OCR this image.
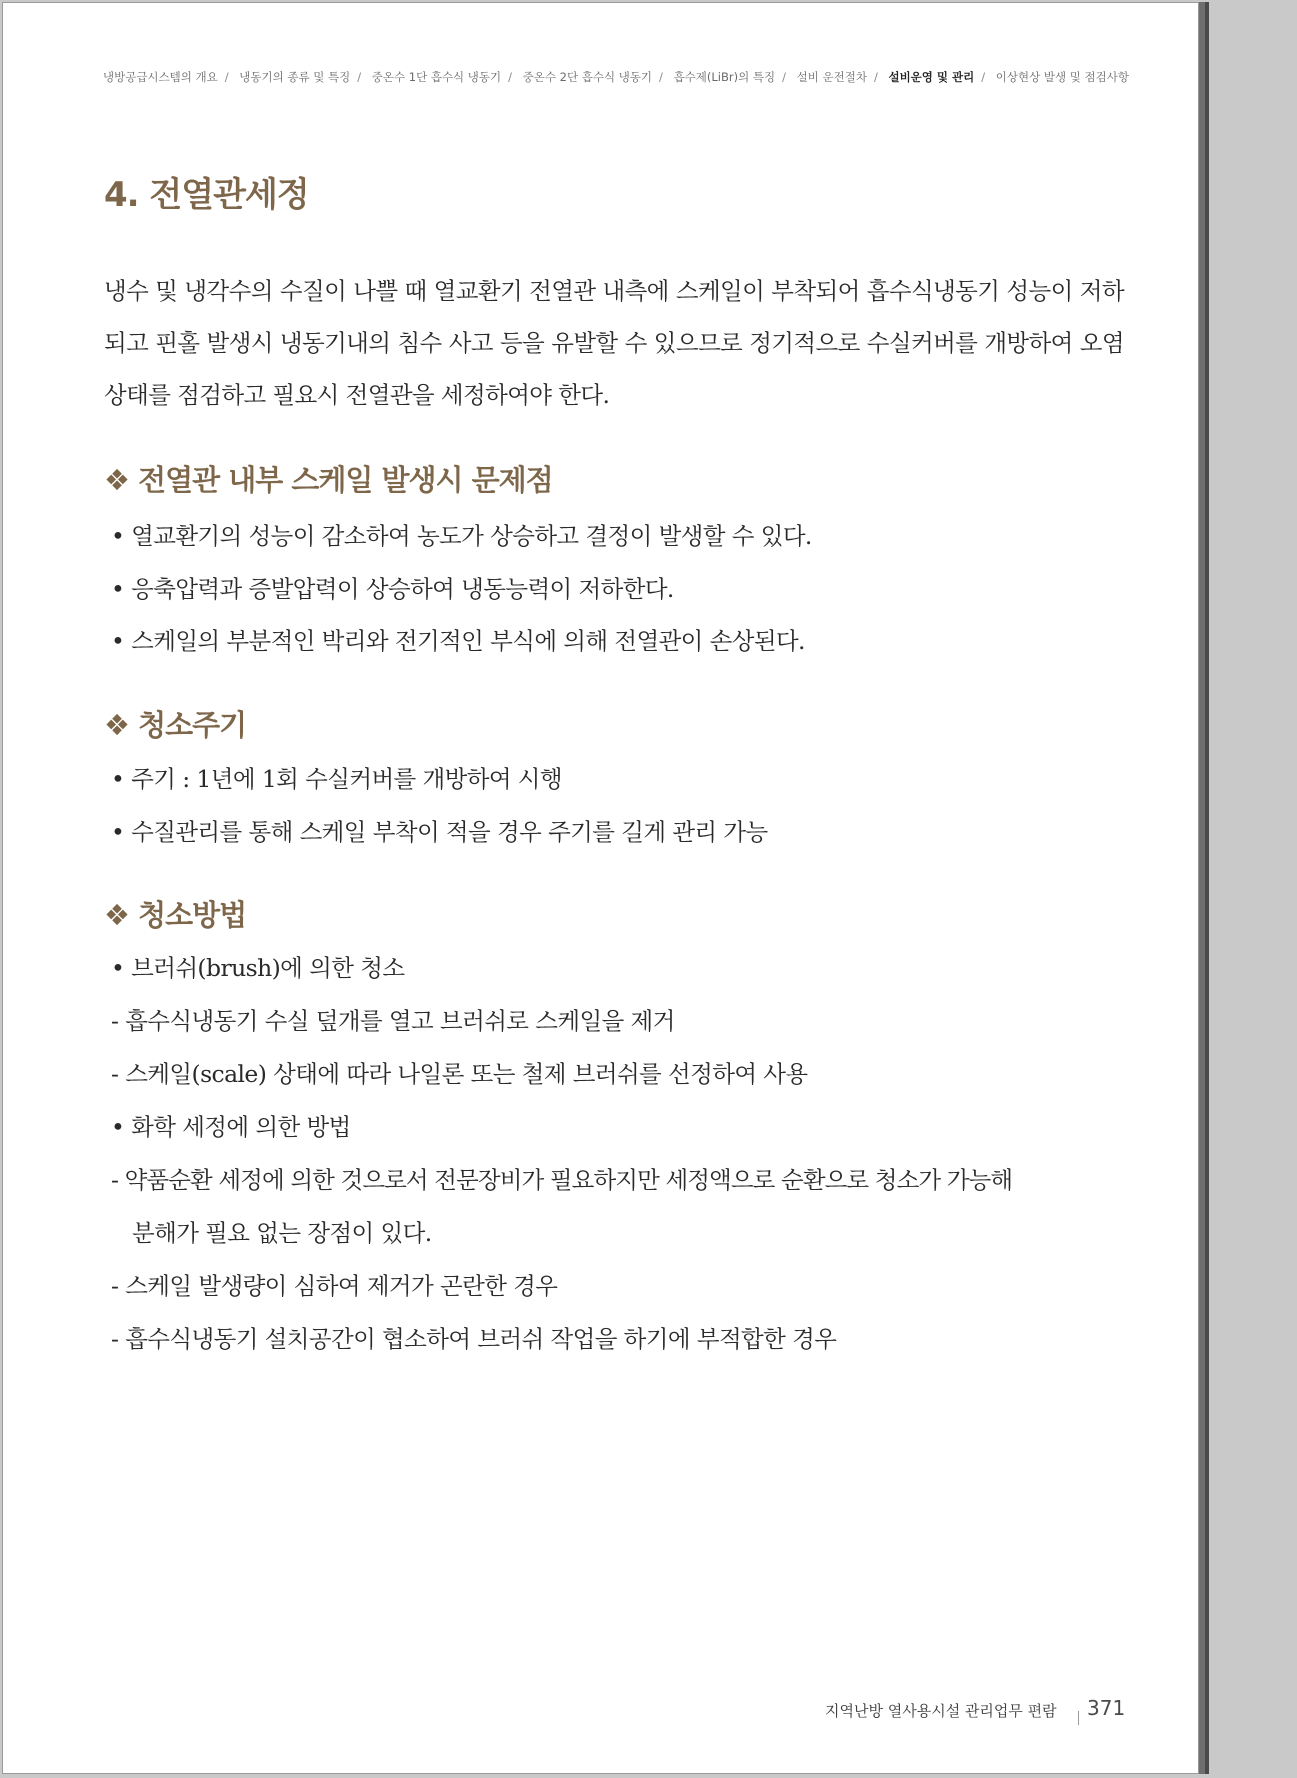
냉방공급시스템의 개요 / 냉동기의 종류 및 특징 / 중온수 1단 흡수식 냉동기 / 중온수 2단 흡수식 냉동기 / 흡수제(LiBr)의 특징 / 설비 운전절차 / 설비운영 및 관리 / 이상현상 발생 및 점검사항
4. 전열관세정
냉수 및 냉각수의 수질이 나쁠 때 열교환기 전열관 내측에 스케일이 부착되어 흡수식냉동기 성능이 저하되고 핀홀 발생시 냉동기내의 침수 사고 등을 유발할 수 있으므로 정기적으로 수실커버를 개방하여 오염상태를 점검하고 필요시 전열관을 세정하여야 한다.
❖ 전열관 내부 스케일 발생시 문제점
• 열교환기의 성능이 감소하여 농도가 상승하고 결정이 발생할 수 있다.
• 응축압력과 증발압력이 상승하여 냉동능력이 저하한다.
• 스케일의 부분적인 박리와 전기적인 부식에 의해 전열관이 손상된다.
❖ 청소주기
• 주기 : 1년에 1회 수실커버를 개방하여 시행
• 수질관리를 통해 스케일 부착이 적을 경우 주기를 길게 관리 가능
❖ 청소방법
• 브러쉬(brush)에 의한 청소
- 흡수식냉동기 수실 덮개를 열고 브러쉬로 스케일을 제거
- 스케일(scale) 상태에 따라 나일론 또는 철제 브러쉬를 선정하여 사용
• 화학 세정에 의한 방법
- 약품순환 세정에 의한 것으로서 전문장비가 필요하지만 세정액으로 순환으로 청소가 가능해
분해가 필요 없는 장점이 있다.
- 스케일 발생량이 심하여 제거가 곤란한 경우
- 흡수식냉동기 설치공간이 협소하여 브러쉬 작업을 하기에 부적합한 경우
지역난방 열사용시설 관리업무 편람 371
